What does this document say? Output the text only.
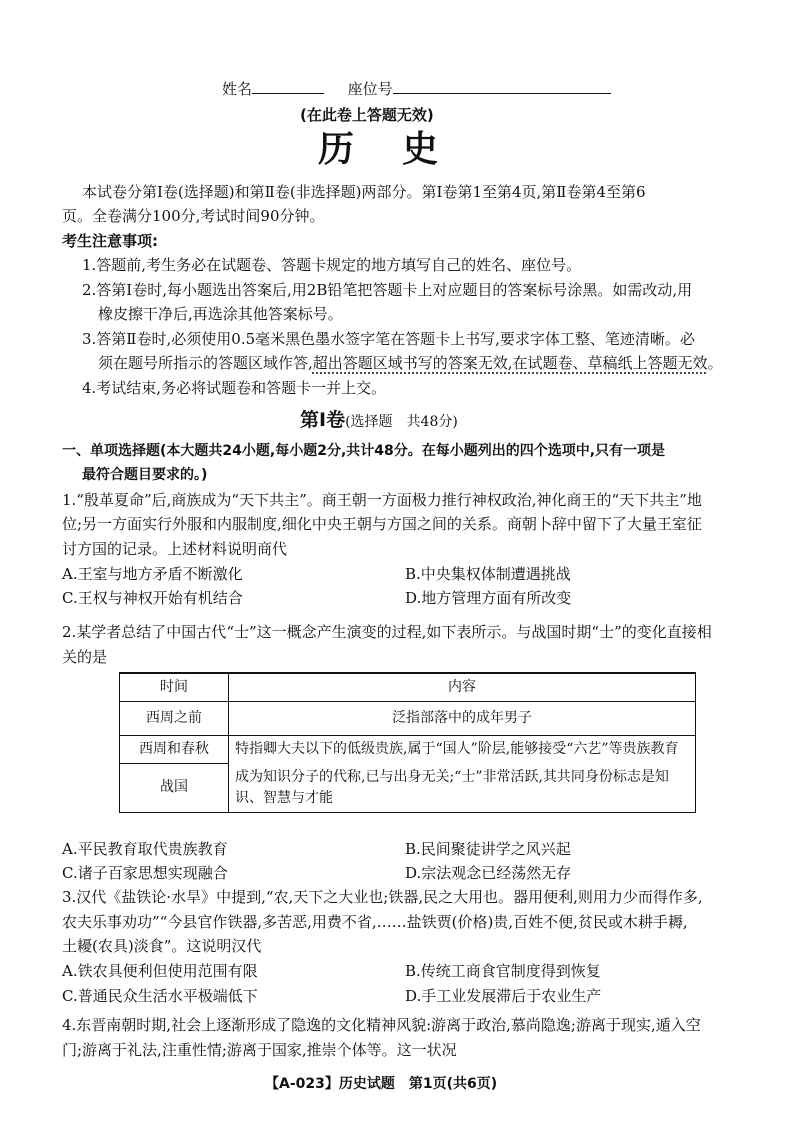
姓名	座位号
(在此卷上答题无效)
历　史
本试卷分第Ⅰ卷(选择题)和第Ⅱ卷(非选择题)两部分。第Ⅰ卷第1至第4页,第Ⅱ卷第4至第6
页。全卷满分100分,考试时间90分钟。
考生注意事项:
1.答题前,考生务必在试题卷、答题卡规定的地方填写自己的姓名、座位号。
2.答第Ⅰ卷时,每小题选出答案后,用2B铅笔把答题卡上对应题目的答案标号涂黑。如需改动,用
橡皮擦干净后,再选涂其他答案标号。
3.答第Ⅱ卷时,必须使用0.5毫米黑色墨水签字笔在答题卡上书写,要求字体工整、笔迹清晰。必
须在题号所指示的答题区域作答,超出答题区域书写的答案无效,在试题卷、草稿纸上答题无效。
4.考试结束,务必将试题卷和答题卡一并上交。
第Ⅰ卷(选择题　共48分)
一、单项选择题(本大题共24小题,每小题2分,共计48分。在每小题列出的四个选项中,只有一项是
最符合题目要求的。)
1.“殷革夏命”后,商族成为“天下共主”。商王朝一方面极力推行神权政治,神化商王的“天下共主”地
位;另一方面实行外服和内服制度,细化中央王朝与方国之间的关系。商朝卜辞中留下了大量王室征
讨方国的记录。上述材料说明商代
A.王室与地方矛盾不断激化	B.中央集权体制遭遇挑战
C.王权与神权开始有机结合	D.地方管理方面有所改变
2.某学者总结了中国古代“士”这一概念产生演变的过程,如下表所示。与战国时期“士”的变化直接相
关的是
时间	内容
西周之前	泛指部落中的成年男子
西周和春秋	特指卿大夫以下的低级贵族,属于“国人”阶层,能够接受“六艺”等贵族教育
战国	成为知识分子的代称,已与出身无关;“士”非常活跃,其共同身份标志是知识、智慧与才能
A.平民教育取代贵族教育	B.民间聚徒讲学之风兴起
C.诸子百家思想实现融合	D.宗法观念已经荡然无存
3.汉代《盐铁论·水旱》中提到,“农,天下之大业也;铁器,民之大用也。器用便利,则用力少而得作多,
农夫乐事劝功”“今县官作铁器,多苦恶,用费不省,……盐铁贾(价格)贵,百姓不便,贫民或木耕手耨,
土耰(农具)淡食”。这说明汉代
A.铁农具便利但使用范围有限	B.传统工商食官制度得到恢复
C.普通民众生活水平极端低下	D.手工业发展滞后于农业生产
4.东晋南朝时期,社会上逐渐形成了隐逸的文化精神风貌:游离于政治,慕尚隐逸;游离于现实,遁入空
门;游离于礼法,注重性情;游离于国家,推崇个体等。这一状况
【A-023】历史试题 第1页(共6页)
